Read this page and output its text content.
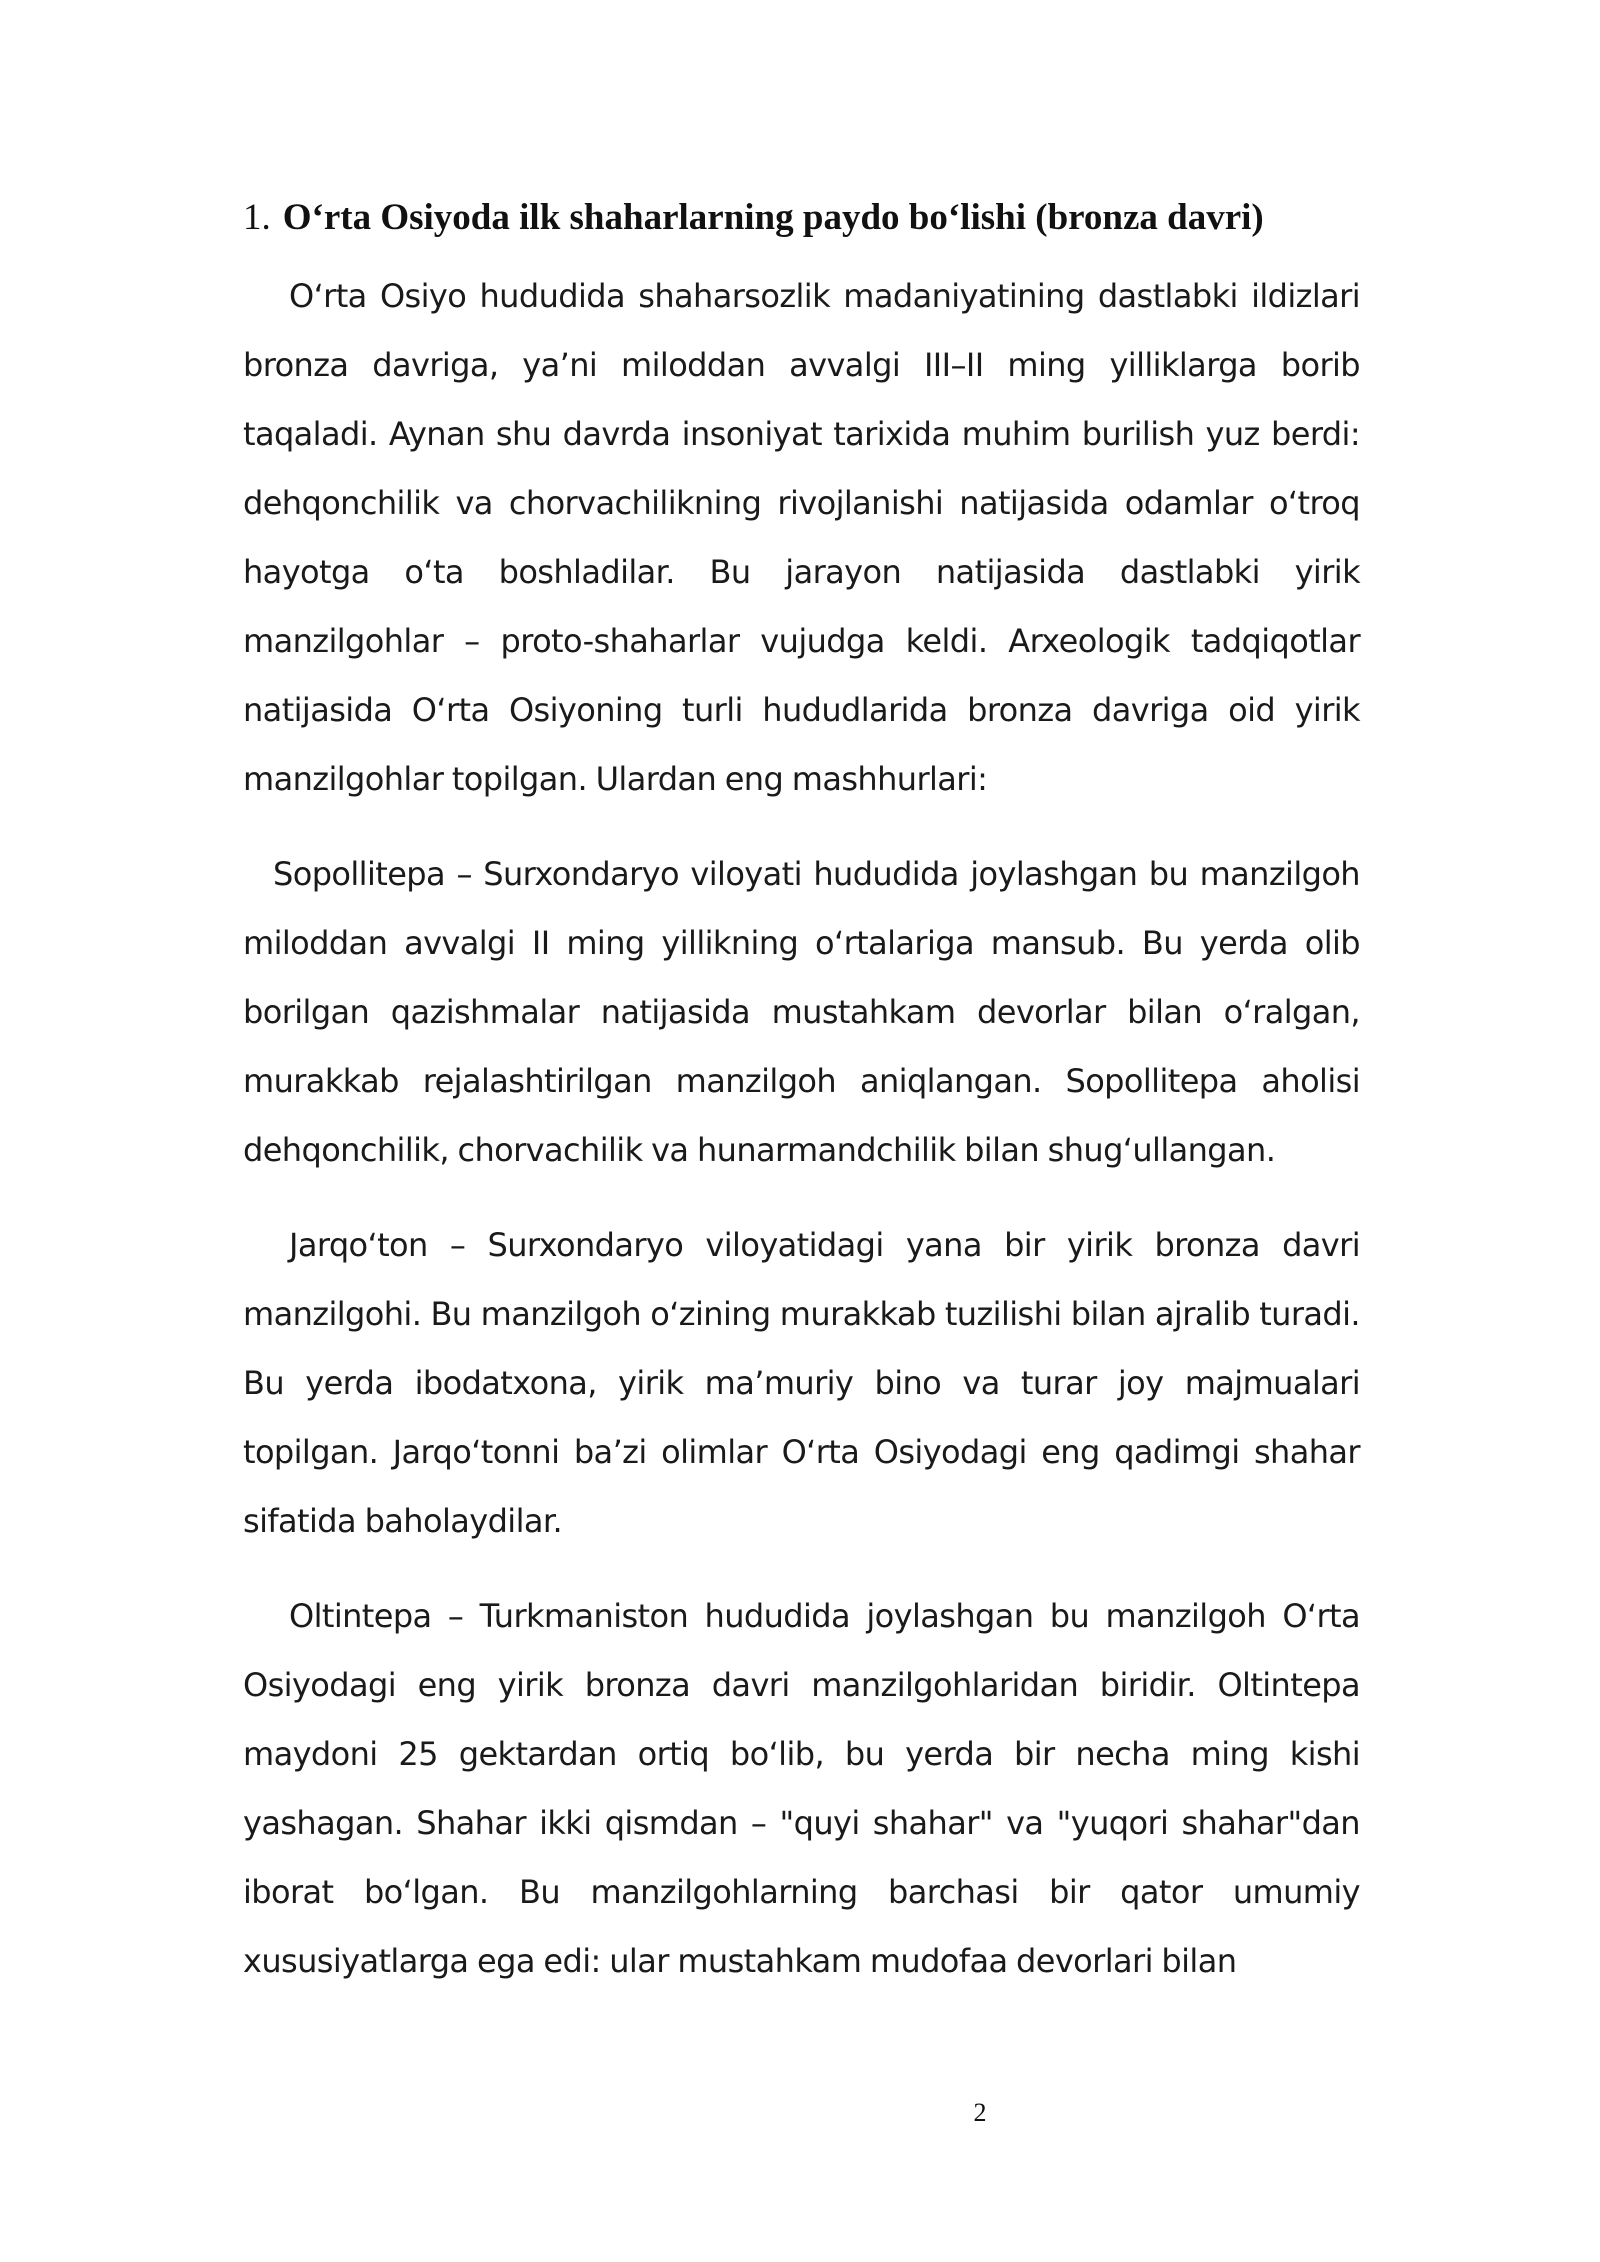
1. O‘rta Osiyoda ilk shaharlarning paydo bo‘lishi (bronza davri)

O‘rta Osiyo hududida shaharsozlik madaniyatining dastlabki ildizlari bronza davriga, ya’ni miloddan avvalgi III–II ming yilliklarga borib taqaladi. Aynan shu davrda insoniyat tarixida muhim burilish yuz berdi: dehqonchilik va chorvachilikning rivojlanishi natijasida odamlar o‘troq hayotga o‘ta boshladilar. Bu jarayon natijasida dastlabki yirik manzilgohlar – proto-shaharlar vujudga keldi. Arxeologik tadqiqotlar natijasida O‘rta Osiyoning turli hududlarida bronza davriga oid yirik manzilgohlar topilgan. Ulardan eng mashhurlari:

Sopollitepa – Surxondaryo viloyati hududida joylashgan bu manzilgoh miloddan avvalgi II ming yillikning o‘rtalariga mansub. Bu yerda olib borilgan qazishmalar natijasida mustahkam devorlar bilan o‘ralgan, murakkab rejalashtirilgan manzilgoh aniqlangan. Sopollitepa aholisi dehqonchilik, chorvachilik va hunarmandchilik bilan shug‘ullangan.

Jarqo‘ton – Surxondaryo viloyatidagi yana bir yirik bronza davri manzilgohi. Bu manzilgoh o‘zining murakkab tuzilishi bilan ajralib turadi. Bu yerda ibodatxona, yirik ma’muriy bino va turar joy majmualari topilgan. Jarqo‘tonni ba’zi olimlar O‘rta Osiyodagi eng qadimgi shahar sifatida baholaydilar.

Oltintepa – Turkmaniston hududida joylashgan bu manzilgoh O‘rta Osiyodagi eng yirik bronza davri manzilgohlaridan biridir. Oltintepa maydoni 25 gektardan ortiq bo‘lib, bu yerda bir necha ming kishi yashagan. Shahar ikki qismdan – "quyi shahar" va "yuqori shahar"dan iborat bo‘lgan. Bu manzilgohlarning barchasi bir qator umumiy xususiyatlarga ega edi: ular mustahkam mudofaa devorlari bilan

2
